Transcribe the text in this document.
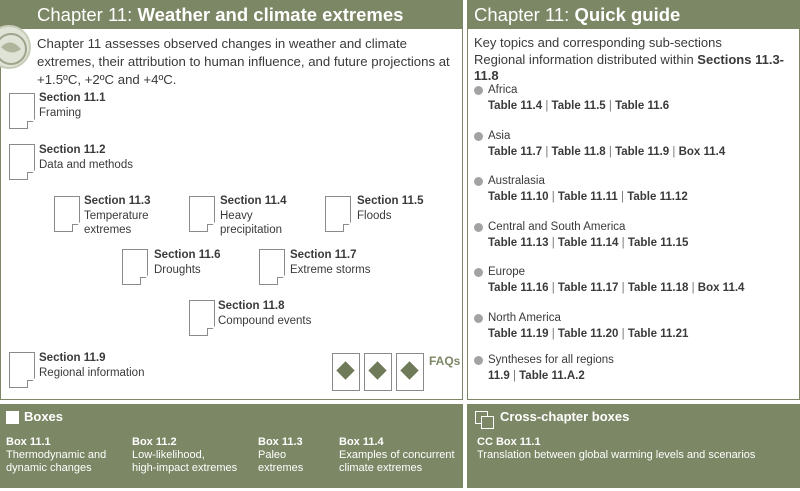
Chapter 11: Weather and climate extremes
Chapter 11 assesses observed changes in weather and climate extremes, their attribution to human influence, and future projections at +1.5ºC, +2ºC and +4ºC.
Section 11.1
Framing
Section 11.2
Data and methods
Section 11.3
Temperature extremes
Section 11.4
Heavy precipitation
Section 11.5
Floods
Section 11.6
Droughts
Section 11.7
Extreme storms
Section 11.8
Compound events
Section 11.9
Regional information
FAQs
Chapter 11: Quick guide
Key topics and corresponding sub-sections
Regional information distributed within Sections 11.3-11.8
Africa
Table 11.4 | Table 11.5 | Table 11.6
Asia
Table 11.7 | Table 11.8 | Table 11.9 | Box 11.4
Australasia
Table 11.10 | Table 11.11 | Table 11.12
Central and South America
Table 11.13 | Table 11.14 | Table 11.15
Europe
Table 11.16 | Table 11.17 | Table 11.18 | Box 11.4
North America
Table 11.19 | Table 11.20 | Table 11.21
Syntheses for all regions
11.9 | Table 11.A.2
Boxes
Box 11.1
Thermodynamic and
dynamic changes
Box 11.2
Low-likelihood,
high-impact extremes
Box 11.3
Paleo
extremes
Box 11.4
Examples of concurrent
climate extremes
Cross-chapter boxes
CC Box 11.1
Translation between global warming levels and scenarios
